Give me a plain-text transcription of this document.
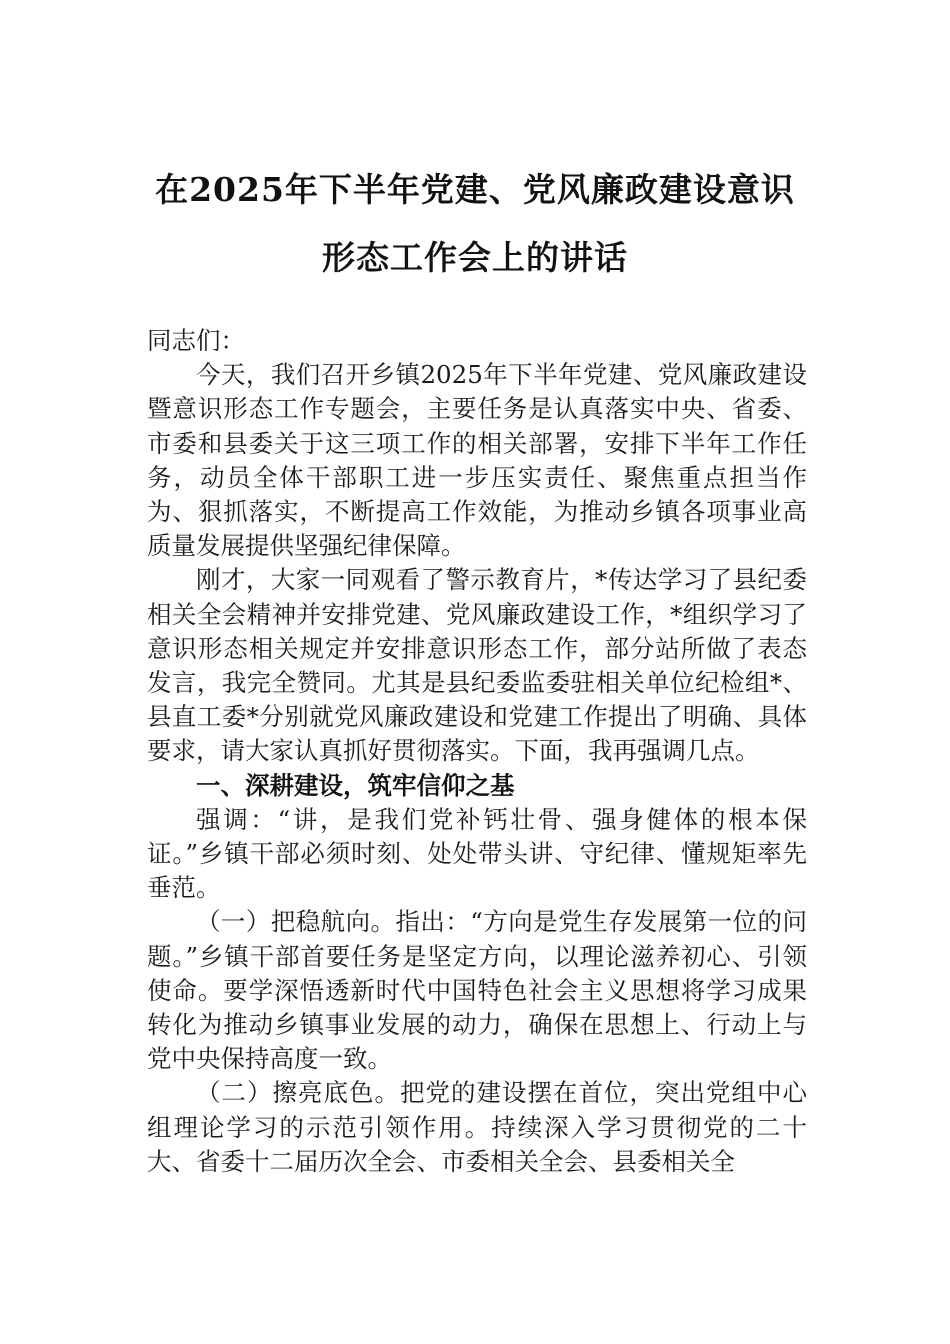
在2025年下半年党建、党风廉政建设意识
形态工作会上的讲话

同志们：

今天，我们召开乡镇2025年下半年党建、党风廉政建设暨意识形态工作专题会，主要任务是认真落实中央、省委、市委和县委关于这三项工作的相关部署，安排下半年工作任务，动员全体干部职工进一步压实责任、聚焦重点担当作为、狠抓落实，不断提高工作效能，为推动乡镇各项事业高质量发展提供坚强纪律保障。

刚才，大家一同观看了警示教育片，*传达学习了县纪委相关全会精神并安排党建、党风廉政建设工作，*组织学习了意识形态相关规定并安排意识形态工作，部分站所做了表态发言，我完全赞同。尤其是县纪委监委驻相关单位纪检组*、县直工委*分别就党风廉政建设和党建工作提出了明确、具体要求，请大家认真抓好贯彻落实。下面，我再强调几点。

一、深耕建设，筑牢信仰之基

强调：“讲，是我们党补钙壮骨、强身健体的根本保证。”乡镇干部必须时刻、处处带头讲、守纪律、懂规矩率先垂范。

（一）把稳航向。指出：“方向是党生存发展第一位的问题。”乡镇干部首要任务是坚定方向，以理论滋养初心、引领使命。要学深悟透新时代中国特色社会主义思想将学习成果转化为推动乡镇事业发展的动力，确保在思想上、行动上与党中央保持高度一致。

（二）擦亮底色。把党的建设摆在首位，突出党组中心组理论学习的示范引领作用。持续深入学习贯彻党的二十大、省委十二届历次全会、市委相关全会、县委相关全
